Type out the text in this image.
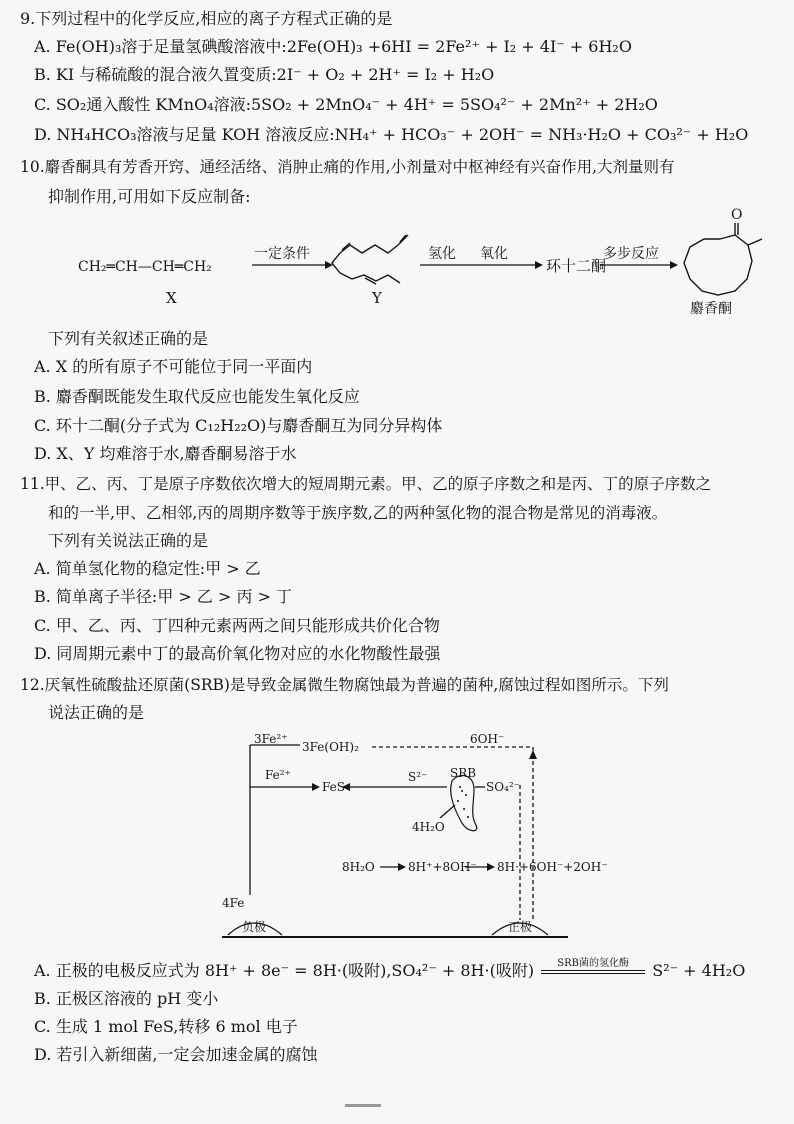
9.下列过程中的化学反应,相应的离子方程式正确的是
A. Fe(OH)₃溶于足量氢碘酸溶液中:2Fe(OH)₃ +6HI = 2Fe²⁺ + I₂ + 4I⁻ + 6H₂O
B. KI 与稀硫酸的混合液久置变质:2I⁻ + O₂ + 2H⁺ = I₂ + H₂O
C. SO₂通入酸性 KMnO₄溶液:5SO₂ + 2MnO₄⁻ + 4H⁺ = 5SO₄²⁻ + 2Mn²⁺ + 2H₂O
D. NH₄HCO₃溶液与足量 KOH 溶液反应:NH₄⁺ + HCO₃⁻ + 2OH⁻ = NH₃·H₂O + CO₃²⁻ + H₂O
10.麝香酮具有芳香开窍、通经活络、消肿止痛的作用,小剂量对中枢神经有兴奋作用,大剂量则有
抑制作用,可用如下反应制备:
CH₂═CH—CH═CH₂
X
一定条件
Y
氢化 氧化
环十二酮
多步反应
O
麝香酮
下列有关叙述正确的是
A. X 的所有原子不可能位于同一平面内
B. 麝香酮既能发生取代反应也能发生氧化反应
C. 环十二酮(分子式为 C₁₂H₂₂O)与麝香酮互为同分异构体
D. X、Y 均难溶于水,麝香酮易溶于水
11.甲、乙、丙、丁是原子序数依次增大的短周期元素。甲、乙的原子序数之和是丙、丁的原子序数之
和的一半,甲、乙相邻,丙的周期序数等于族序数,乙的两种氢化物的混合物是常见的消毒液。
下列有关说法正确的是
A. 简单氢化物的稳定性:甲 > 乙
B. 简单离子半径:甲 > 乙 > 丙 > 丁
C. 甲、乙、丙、丁四种元素两两之间只能形成共价化合物
D. 同周期元素中丁的最高价氧化物对应的水化物酸性最强
12.厌氧性硫酸盐还原菌(SRB)是导致金属微生物腐蚀最为普遍的菌种,腐蚀过程如图所示。下列
说法正确的是
3Fe²⁺
3Fe(OH)₂
6OH⁻
Fe²⁺
FeS
S²⁻ SRB
SO₄²⁻
4H₂O
8H₂O	8H⁺+8OH⁻ 8H·+6OH⁻+2OH⁻
4Fe
负极	正极
A. 正极的电极反应式为 8H⁺ + 8e⁻ = 8H·(吸附),SO₄²⁻ + 8H·(吸附)	SRB菌的氢化酶	S²⁻ + 4H₂O
B. 正极区溶液的 pH 变小
C. 生成 1 mol FeS,转移 6 mol 电子
D. 若引入新细菌,一定会加速金属的腐蚀
